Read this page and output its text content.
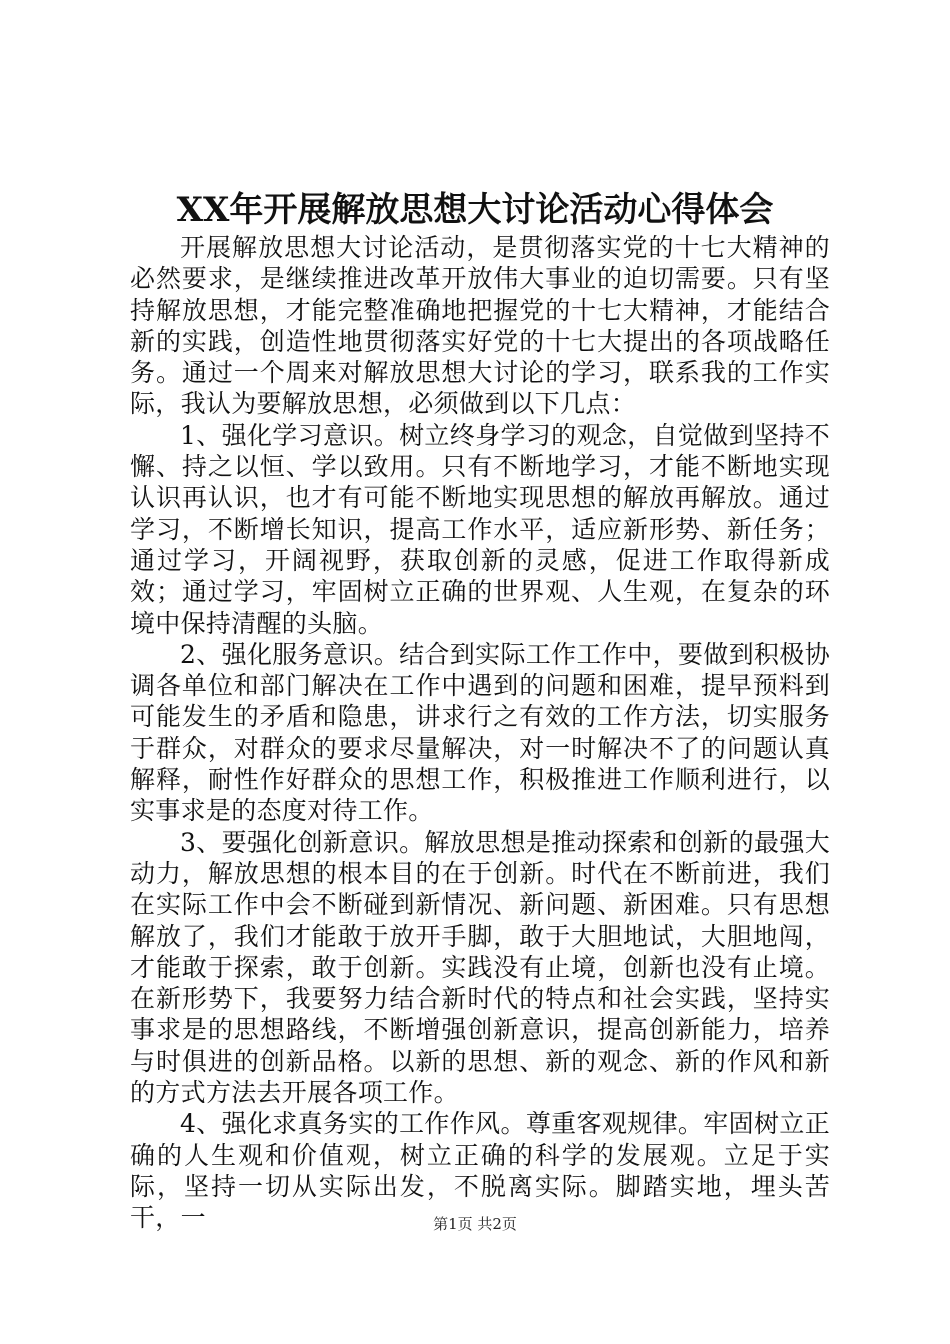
XX年开展解放思想大讨论活动心得体会

开展解放思想大讨论活动，是贯彻落实党的十七大精神的必然要求，是继续推进改革开放伟大事业的迫切需要。只有坚持解放思想，才能完整准确地把握党的十七大精神，才能结合新的实践，创造性地贯彻落实好党的十七大提出的各项战略任务。通过一个周来对解放思想大讨论的学习，联系我的工作实际，我认为要解放思想，必须做到以下几点：

1、强化学习意识。树立终身学习的观念，自觉做到坚持不懈、持之以恒、学以致用。只有不断地学习，才能不断地实现认识再认识，也才有可能不断地实现思想的解放再解放。通过学习，不断增长知识，提高工作水平，适应新形势、新任务；通过学习，开阔视野，获取创新的灵感，促进工作取得新成效；通过学习，牢固树立正确的世界观、人生观，在复杂的环境中保持清醒的头脑。

2、强化服务意识。结合到实际工作工作中，要做到积极协调各单位和部门解决在工作中遇到的问题和困难，提早预料到可能发生的矛盾和隐患，讲求行之有效的工作方法，切实服务于群众，对群众的要求尽量解决，对一时解决不了的问题认真解释，耐性作好群众的思想工作，积极推进工作顺利进行，以实事求是的态度对待工作。

3、要强化创新意识。解放思想是推动探索和创新的最强大动力，解放思想的根本目的在于创新。时代在不断前进，我们在实际工作中会不断碰到新情况、新问题、新困难。只有思想解放了，我们才能敢于放开手脚，敢于大胆地试，大胆地闯，才能敢于探索，敢于创新。实践没有止境，创新也没有止境。在新形势下，我要努力结合新时代的特点和社会实践，坚持实事求是的思想路线，不断增强创新意识，提高创新能力，培养与时俱进的创新品格。以新的思想、新的观念、新的作风和新的方式方法去开展各项工作。

4、强化求真务实的工作作风。尊重客观规律。牢固树立正确的人生观和价值观，树立正确的科学的发展观。立足于实际，坚持一切从实际出发，不脱离实际。脚踏实地，埋头苦干，一	第1页 共2页
